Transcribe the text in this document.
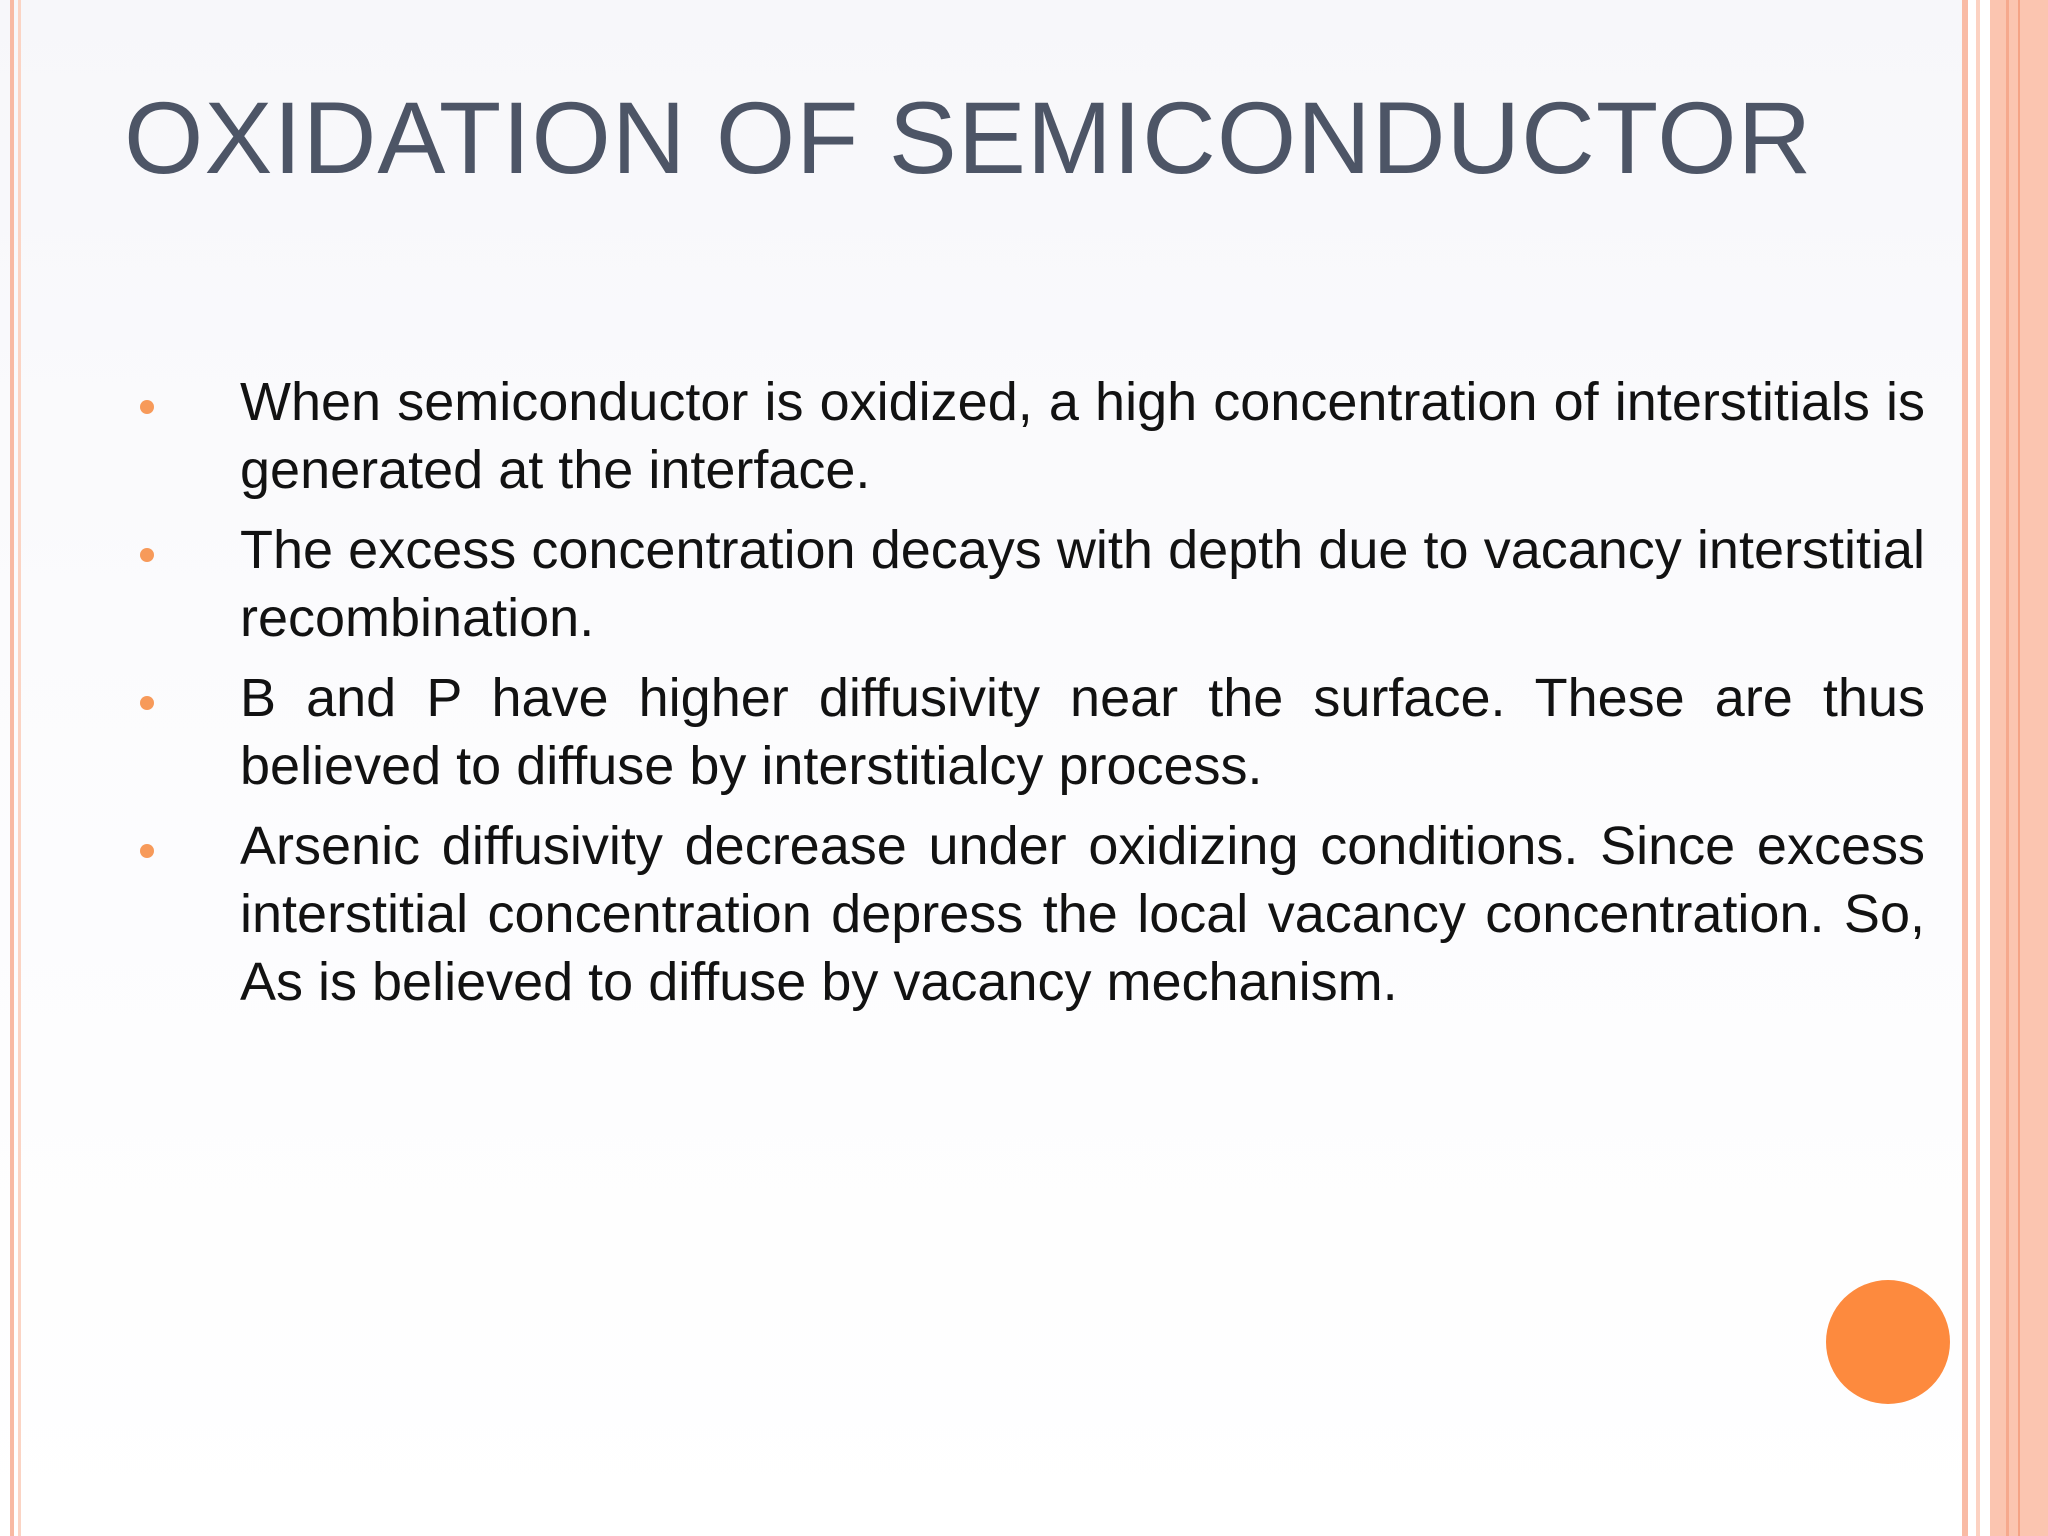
OXIDATION OF SEMICONDUCTOR
When semiconductor is oxidized, a high concentration of interstitials is generated at the interface.
The excess concentration decays with depth due to vacancy interstitial recombination.
B and P have higher diffusivity near the surface. These are thus believed to diffuse by interstitialcy process.
Arsenic diffusivity decrease under oxidizing conditions. Since excess interstitial concentration depress the local vacancy concentration. So, As is believed to diffuse by vacancy mechanism.
